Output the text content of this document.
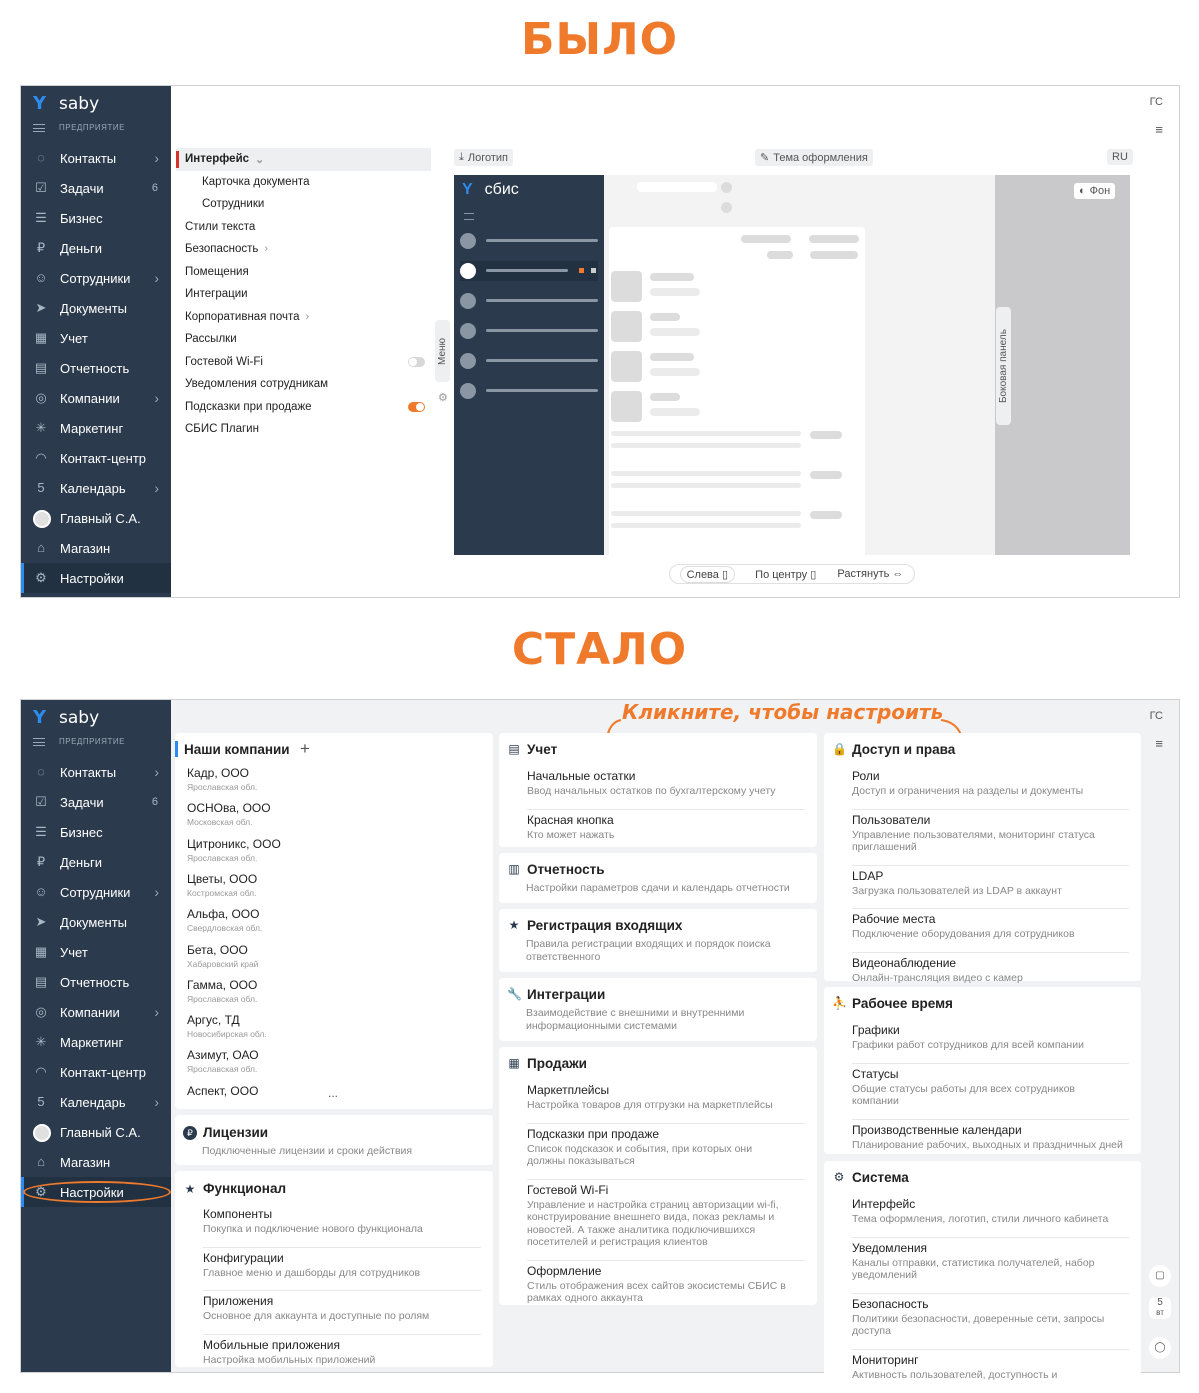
БЫЛО
СТАЛО
Y saby
ПРЕДПРИЯТИЕ
◌	Контакты	›
☑ Задачи	6
☰ Бизнес
₽ Деньги
☺ Сотрудники ›
➤ Документы
▦ Учет
▤ Отчетность
◎ Компании ›
✳ Маркетинг
◠ Контакт-центр
5	Календарь ›
Главный С.А.
⌂	Магазин
⚙ Настройки
ГС
≡
Интерфейс ⌄
Карточка документа
Сотрудники
Стили текста
Безопасность ›
Помещения
Интеграции
Корпоративная почта ›
Рассылки
Гостевой Wi-Fi
Уведомления сотрудникам
Подсказки при продаже
СБИС Плагин
⤓ Логотип	✎ Тема оформления	RU
Меню
⚙
Y сбис	◐ Фон
Боковая панель
Слева ▯	По центру ▯ Растянуть ⇔
Y saby
ПРЕДПРИЯТИЕ
◌	Контакты	›
☑ Задачи	6
☰ Бизнес
₽ Деньги
☺ Сотрудники ›
➤ Документы
▦ Учет
▤ Отчетность
◎ Компании ›
✳ Маркетинг
◠ Контакт-центр
5	Календарь ›
Главный С.А.
⌂	Магазин
⚙ Настройки
ГС
≡
▢
5
вт
◯
Кликните, чтобы настроить
Наши компании +
Кадр, ООО
Ярославская обл.
ОСНОва, ООО
Московская обл.
Цитроникс, ООО
Ярославская обл.
Цветы, ООО
Костромская обл.
Альфа, ООО
Свердловская обл.
Бета, ООО
Хабаровский край
Гамма, ООО
Ярославская обл.
Аргус, ТД
Новосибирская обл.
Азимут, ОАО
Ярославская обл.
Аспект, ООО	...
₽ Лицензии
Подключенные лицензии и сроки действия
★ Функционал
Компоненты
Покупка и подключение нового функционала
Конфигурации
Главное меню и дашборды для сотрудников
Приложения
Основное для аккаунта и доступные по ролям
Мобильные приложения
Настройка мобильных приложений
▤ Учет
Начальные остатки
Ввод начальных остатков по бухгалтерскому учету
Красная кнопка
Кто может нажать
▥ Отчетность
Настройки параметров сдачи и календарь отчетности
★ Регистрация входящих
Правила регистрации входящих и порядок поиска
ответственного
🔧 Интеграции
Взаимодействие с внешними и внутренними
информационными системами
▦ Продажи
Маркетплейсы
Настройка товаров для отгрузки на маркетплейсы
Подсказки при продаже
Список подсказок и события, при которых они
должны показываться
Гостевой Wi-Fi
Управление и настройка страниц авторизации wi-fi,
конструирование внешнего вида, показ рекламы и
новостей. А также аналитика подключившихся
посетителей и регистрация клиентов
Оформление
Стиль отображения всех сайтов экосистемы СБИС в
рамках одного аккаунта
🔒 Доступ и права
Роли
Доступ и ограничения на разделы и документы
Пользователи
Управление пользователями, мониторинг статуса
приглашений
LDAP
Загрузка пользователей из LDAP в аккаунт
Рабочие места
Подключение оборудования для сотрудников
Видеонаблюдение
Онлайн-трансляция видео с камер
⛹ Рабочее время
Графики
Графики работ сотрудников для всей компании
Статусы
Общие статусы работы для всех сотрудников
компании
Производственные календари
Планирование рабочих, выходных и праздничных дней
⚙ Система
Интерфейс
Тема оформления, логотип, стили личного кабинета
Уведомления
Каналы отправки, статистика получателей, набор
уведомлений
Безопасность
Политики безопасности, доверенные сети, запросы
доступа
Мониторинг
Активность пользователей, доступность и
